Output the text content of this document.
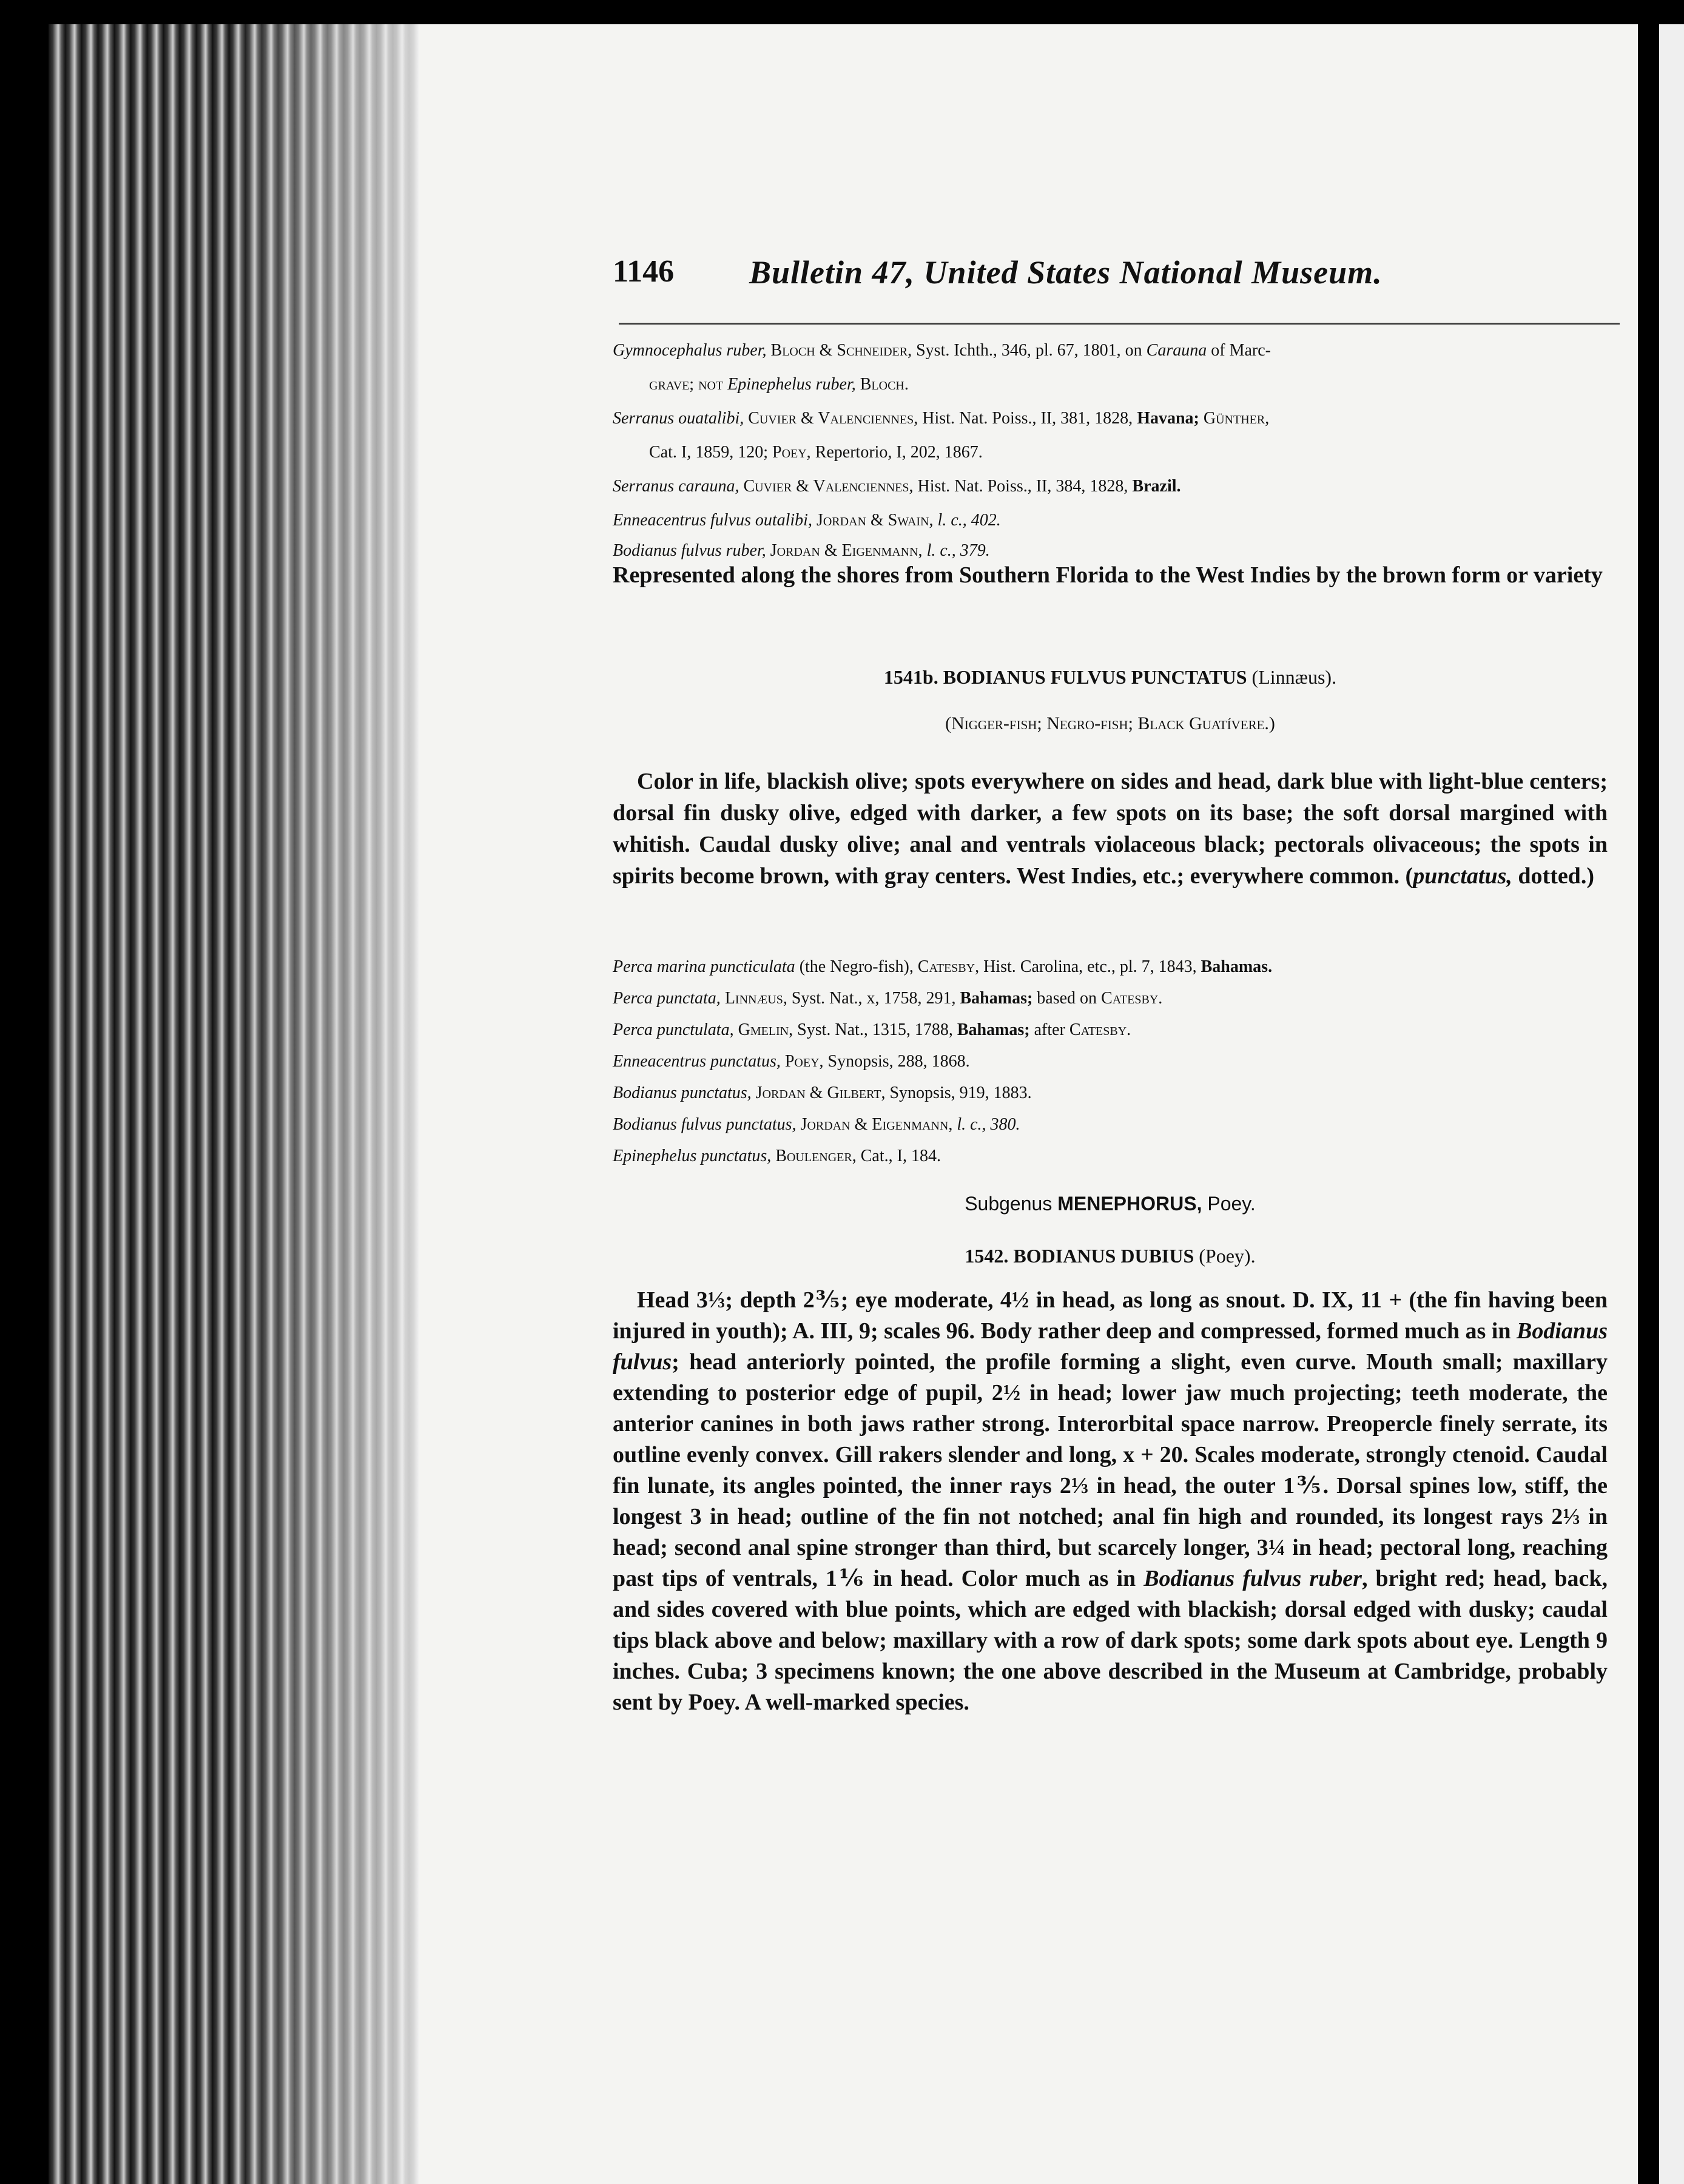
1146 Bulletin 47, United States National Museum.
Gymnocephalus ruber, Bloch & Schneider, Syst. Ichth., 346, pl. 67, 1801, on Carauna of Marc-
grave; not Epinephelus ruber, Bloch.
Serranus ouatalibi, Cuvier & Valenciennes, Hist. Nat. Poiss., II, 381, 1828, Havana; Günther,
Cat. I, 1859, 120; Poey, Repertorio, I, 202, 1867.
Serranus carauna, Cuvier & Valenciennes, Hist. Nat. Poiss., II, 384, 1828, Brazil.
Enneacentrus fulvus outalibi, Jordan & Swain, l. c., 402.
Bodianus fulvus ruber, Jordan & Eigenmann, l. c., 379.
Represented along the shores from Southern Florida to the West Indies by the brown form or variety
1541b. BODIANUS FULVUS PUNCTATUS (Linnæus).
(Nigger-fish; Negro-fish; Black Guatívere.)
Color in life, blackish olive; spots everywhere on sides and head, dark blue with light-blue centers; dorsal fin dusky olive, edged with darker, a few spots on its base; the soft dorsal margined with whitish. Caudal dusky olive; anal and ventrals violaceous black; pectorals olivaceous; the spots in spirits become brown, with gray centers. West Indies, etc.; everywhere common. (punctatus, dotted.)
Perca marina puncticulata (the Negro-fish), Catesby, Hist. Carolina, etc., pl. 7, 1843, Bahamas.
Perca punctata, Linnæus, Syst. Nat., x, 1758, 291, Bahamas; based on Catesby.
Perca punctulata, Gmelin, Syst. Nat., 1315, 1788, Bahamas; after Catesby.
Enneacentrus punctatus, Poey, Synopsis, 288, 1868.
Bodianus punctatus, Jordan & Gilbert, Synopsis, 919, 1883.
Bodianus fulvus punctatus, Jordan & Eigenmann, l. c., 380.
Epinephelus punctatus, Boulenger, Cat., I, 184.
Subgenus MENEPHORUS, Poey.
1542. BODIANUS DUBIUS (Poey).
Head 3⅓; depth 2⅗; eye moderate, 4½ in head, as long as snout. D. IX, 11 + (the fin having been injured in youth); A. III, 9; scales 96. Body rather deep and compressed, formed much as in Bodianus fulvus; head anteriorly pointed, the profile forming a slight, even curve. Mouth small; maxillary extending to posterior edge of pupil, 2½ in head; lower jaw much projecting; teeth moderate, the anterior canines in both jaws rather strong. Interorbital space narrow. Preopercle finely serrate, its outline evenly convex. Gill rakers slender and long, x + 20. Scales moderate, strongly ctenoid. Caudal fin lunate, its angles pointed, the inner rays 2⅓ in head, the outer 1⅗. Dorsal spines low, stiff, the longest 3 in head; outline of the fin not notched; anal fin high and rounded, its longest rays 2⅓ in head; second anal spine stronger than third, but scarcely longer, 3¼ in head; pectoral long, reaching past tips of ventrals, 1⅙ in head. Color much as in Bodianus fulvus ruber, bright red; head, back, and sides covered with blue points, which are edged with blackish; dorsal edged with dusky; caudal tips black above and below; maxillary with a row of dark spots; some dark spots about eye. Length 9 inches. Cuba; 3 specimens known; the one above described in the Museum at Cambridge, probably sent by Poey. A well-marked species.
